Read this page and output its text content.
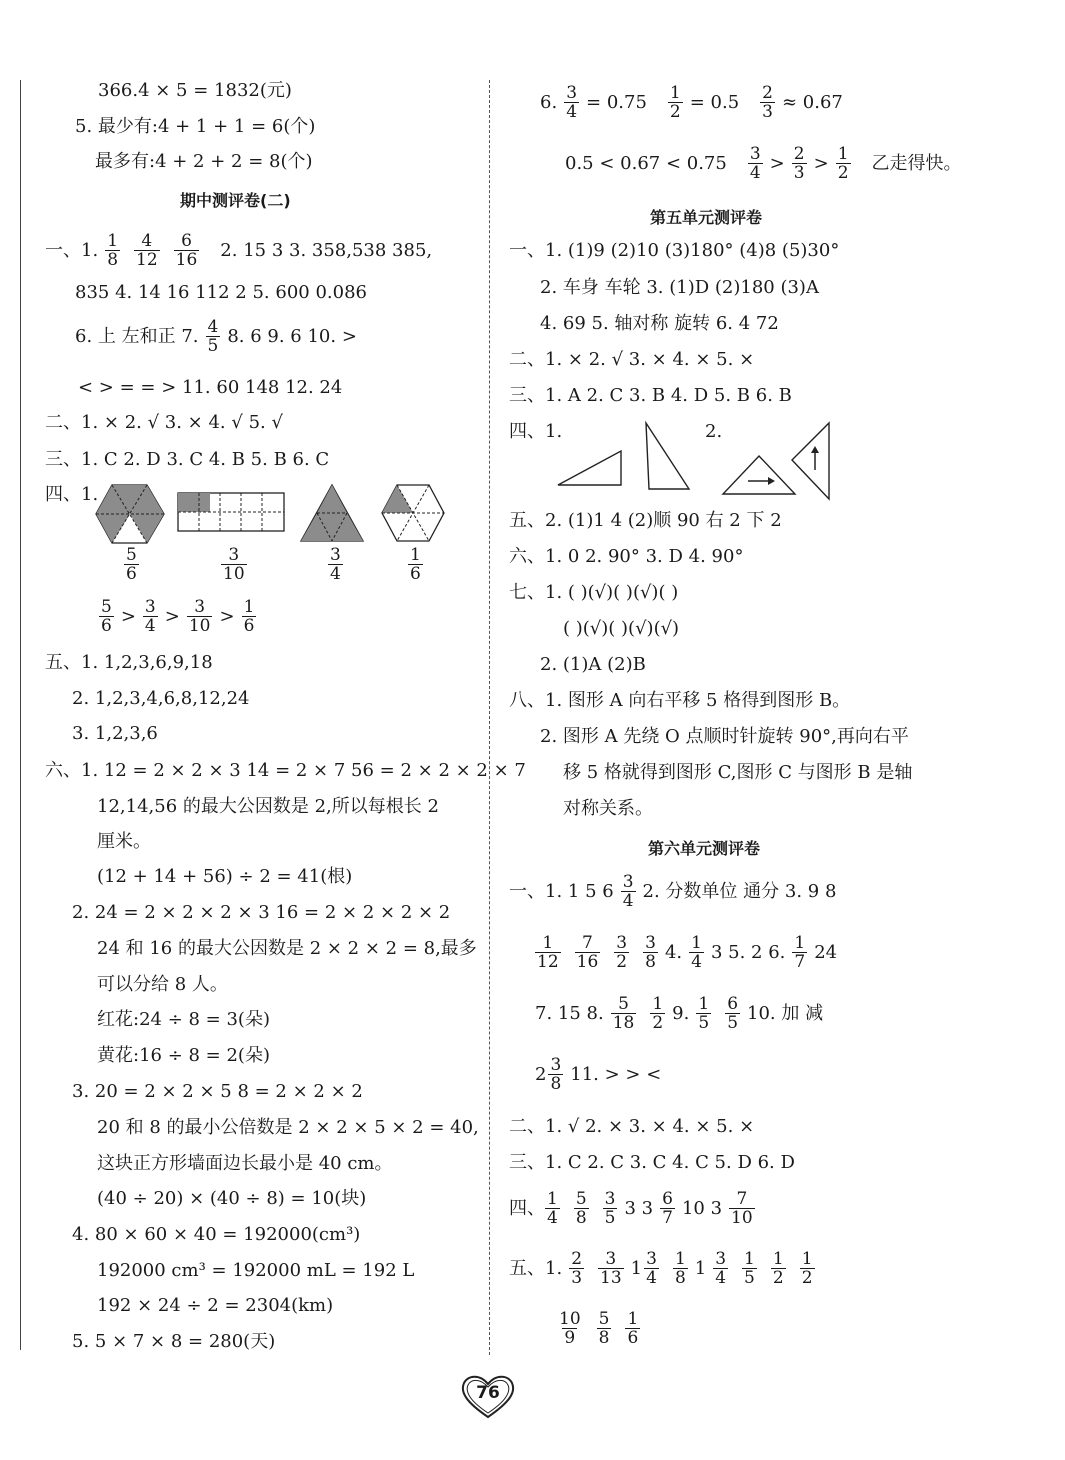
366.4 × 5 = 1832(元)
5. 最少有:4 + 1 + 1 = 6(个)
最多有:4 + 2 + 2 = 8(个)
期中测评卷(二)
一、1. 1
8
4
12
6
16 2. 15 3 3. 358,538 385,
835 4. 14 16 112 2 5. 600 0.086
6. 上 左和正 7. 4
5 8. 6 9. 6 10. >
< > = = > 11. 60 148 12. 24
二、1. × 2. √ 3. × 4. √ 5. √
三、1. C 2. D 3. C 4. B 5. B 6. C
四、1.
5
6
3
10
3
4
1
6
5
6 > 3
4 > 3
10 > 1
6
五、1. 1,2,3,6,9,18
2. 1,2,3,4,6,8,12,24
3. 1,2,3,6
六、1. 12 = 2 × 2 × 3 14 = 2 × 7 56 = 2 × 2 × 2 × 7
12,14,56 的最大公因数是 2,所以每根长 2
厘米。
(12 + 14 + 56) ÷ 2 = 41(根)
2. 24 = 2 × 2 × 2 × 3 16 = 2 × 2 × 2 × 2
24 和 16 的最大公因数是 2 × 2 × 2 = 8,最多
可以分给 8 人。
红花:24 ÷ 8 = 3(朵)
黄花:16 ÷ 8 = 2(朵)
3. 20 = 2 × 2 × 5 8 = 2 × 2 × 2
20 和 8 的最小公倍数是 2 × 2 × 5 × 2 = 40,
这块正方形墙面边长最小是 40 cm。
(40 ÷ 20) × (40 ÷ 8) = 10(块)
4. 80 × 60 × 40 = 192000(cm³)
192000 cm³ = 192000 mL = 192 L
192 × 24 ÷ 2 = 2304(km)
5. 5 × 7 × 8 = 280(天)
6. $\frac{3}{4} = 0.75 \frac{1}{2} = 0.5 \frac{2}{3} \approx 0.67$
0.5 < 0.67 < 0.75 3
4 > 2
3 > 1
2 乙走得快。
第五单元测评卷
一、1. (1)9 (2)10 (3)180° (4)8 (5)30°
2. 车身 车轮 3. (1)D (2)180 (3)A
4. 69 5. 轴对称 旋转 6. 4 72
二、1. × 2. √ 3. × 4. × 5. ×
三、1. A 2. C 3. B 4. D 5. B 6. B
四、1.	2.
五、2. (1)1 4 (2)顺 90 右 2 下 2
六、1. 0 2. 90° 3. D 4. 90°
七、1. ( )(√)( )(√)( )
( )(√)( )(√)(√)
2. (1)A (2)B
八、1. 图形 A 向右平移 5 格得到图形 B。
2. 图形 A 先绕 O 点顺时针旋转 90°,再向右平
移 5 格就得到图形 C,图形 C 与图形 B 是轴
对称关系。
第六单元测评卷
一、1. 1 5 6 3
4 2. 分数单位 通分 3. 9 8
1
12
7
16
3
2
3
8 4. 1
4 3 5. 2 6. 1
7 24
7. 15 8. 5
18
1
2 9. 1
5
6
5 10. 加 减
2 3
8 11. > > <
二、1. √ 2. × 3. × 4. × 5. ×
三、1. C 2. C 3. C 4. C 5. D 6. D
四、 1
4
5
8
3
5 3 3 6
7 10 3 7
10
五、1. 2
3
3
13 1 3
4
1
8 1 3
4
1
5
1
2
1
2
10
9
5
8
1
6
76
